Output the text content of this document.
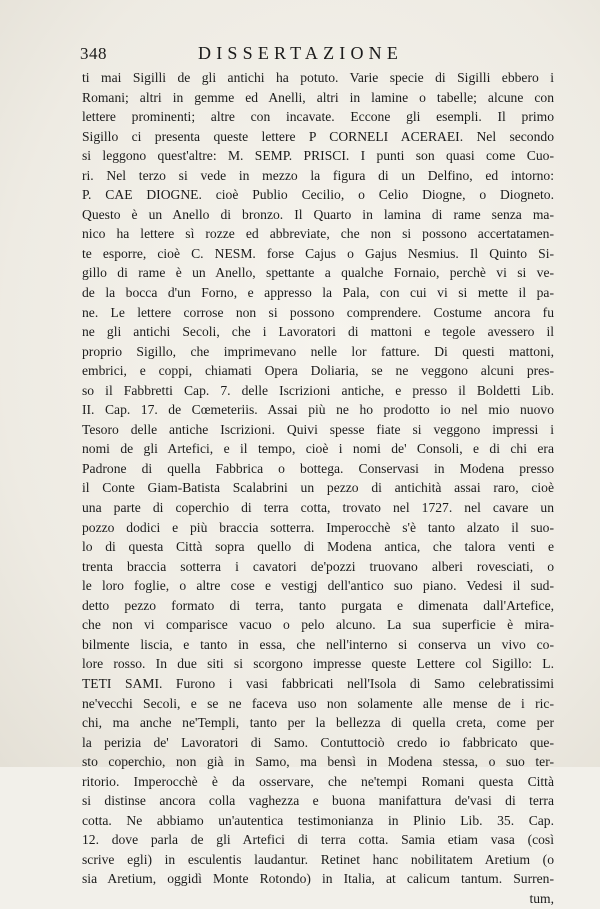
348	DISSERTAZIONE
ti mai Sigilli de gli antichi ha potuto. Varie specie di Sigilli ebbero i
Romani; altri in gemme ed Anelli, altri in lamine o tabelle; alcune con
lettere prominenti; altre con incavate. Eccone gli esempli. Il primo
Sigillo ci presenta queste lettere P CORNELI ACERAEI. Nel secondo
si leggono quest'altre: M. SEMP. PRISCI. I punti son quasi come Cuo-
ri. Nel terzo si vede in mezzo la figura di un Delfino, ed intorno:
P. CAE DIOGNE. cioè Publio Cecilio, o Celio Diogne, o Diogneto.
Questo è un Anello di bronzo. Il Quarto in lamina di rame senza ma-
nico ha lettere sì rozze ed abbreviate, che non si possono accertatamen-
te esporre, cioè C. NESM. forse Cajus o Gajus Nesmius. Il Quinto Si-
gillo di rame è un Anello, spettante a qualche Fornaio, perchè vi si ve-
de la bocca d'un Forno, e appresso la Pala, con cui vi si mette il pa-
ne. Le lettere corrose non si possono comprendere. Costume ancora fu
ne gli antichi Secoli, che i Lavoratori di mattoni e tegole avessero il
proprio Sigillo, che imprimevano nelle lor fatture. Di questi mattoni,
embrici, e coppi, chiamati Opera Doliaria, se ne veggono alcuni pres-
so il Fabbretti Cap. 7. delle Iscrizioni antiche, e presso il Boldetti Lib.
II. Cap. 17. de Cœmeteriis. Assai più ne ho prodotto io nel mio nuovo
Tesoro delle antiche Iscrizioni. Quivi spesse fiate si veggono impressi i
nomi de gli Artefici, e il tempo, cioè i nomi de' Consoli, e di chi era
Padrone di quella Fabbrica o bottega. Conservasi in Modena presso
il Conte Giam-Batista Scalabrini un pezzo di antichità assai raro, cioè
una parte di coperchio di terra cotta, trovato nel 1727. nel cavare un
pozzo dodici e più braccia sotterra. Imperocchè s'è tanto alzato il suo-
lo di questa Città sopra quello di Modena antica, che talora venti e
trenta braccia sotterra i cavatori de'pozzi truovano alberi rovesciati, o
le loro foglie, o altre cose e vestigj dell'antico suo piano. Vedesi il sud-
detto pezzo formato di terra, tanto purgata e dimenata dall'Artefice,
che non vi comparisce vacuo o pelo alcuno. La sua superficie è mira-
bilmente liscia, e tanto in essa, che nell'interno si conserva un vivo co-
lore rosso. In due siti si scorgono impresse queste Lettere col Sigillo: L.
TETI SAMI. Furono i vasi fabbricati nell'Isola di Samo celebratissimi
ne'vecchi Secoli, e se ne faceva uso non solamente alle mense de i ric-
chi, ma anche ne'Templi, tanto per la bellezza di quella creta, come per
la perizia de' Lavoratori di Samo. Contuttociò credo io fabbricato que-
sto coperchio, non già in Samo, ma bensì in Modena stessa, o suo ter-
ritorio. Imperocchè è da osservare, che ne'tempi Romani questa Città
si distinse ancora colla vaghezza e buona manifattura de'vasi di terra
cotta. Ne abbiamo un'autentica testimonianza in Plinio Lib. 35. Cap.
12. dove parla de gli Artefici di terra cotta. Samia etiam vasa (così
scrive egli) in esculentis laudantur. Retinet hanc nobilitatem Aretium (o
sia Aretium, oggidì Monte Rotondo) in Italia, at calicum tantum. Surren-
tum,
